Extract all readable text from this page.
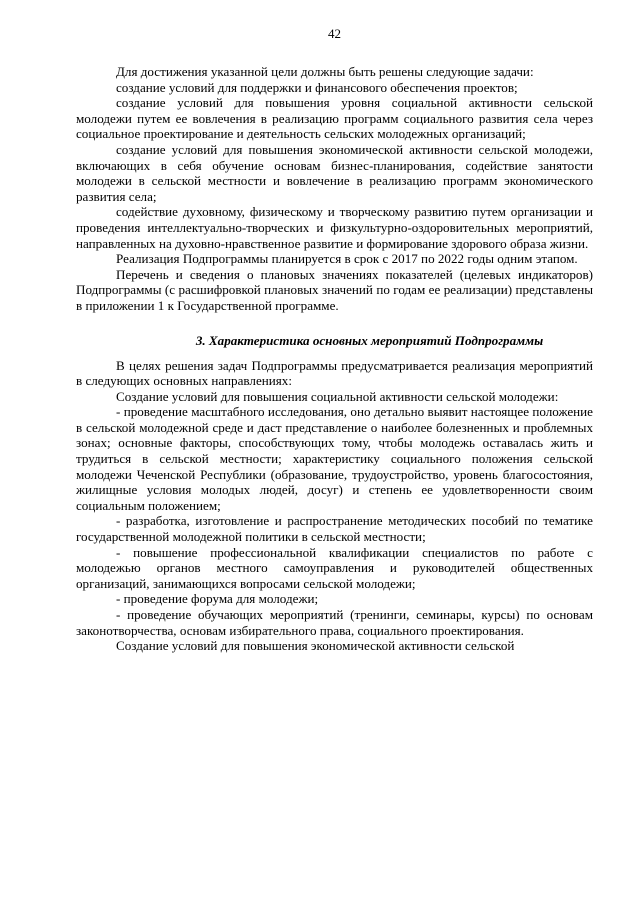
42

Для достижения указанной цели должны быть решены следующие задачи:

создание условий для поддержки и финансового обеспечения проектов;

создание условий для повышения уровня социальной активности сельской молодежи путем ее вовлечения в реализацию программ социального развития села через социальное проектирование и деятельность сельских молодежных организаций;

создание условий для повышения экономической активности сельской молодежи, включающих в себя обучение основам бизнес-планирования, содействие занятости молодежи в сельской местности и вовлечение в реализацию программ экономического развития села;

содействие духовному, физическому и творческому развитию путем организации и проведения интеллектуально-творческих и физкультурно-оздоровительных мероприятий, направленных на духовно-нравственное развитие и формирование здорового образа жизни.

Реализация Подпрограммы планируется в срок с 2017 по 2022 годы одним этапом.

Перечень и сведения о плановых значениях показателей (целевых индикаторов) Подпрограммы (с расшифровкой плановых значений по годам ее реализации) представлены в приложении 1 к Государственной программе.

3. Характеристика основных мероприятий Подпрограммы

В целях решения задач Подпрограммы предусматривается реализация мероприятий в следующих основных направлениях:

Создание условий для повышения социальной активности сельской молодежи:

- проведение масштабного исследования, оно детально выявит настоящее положение в сельской молодежной среде и даст представление о наиболее болезненных и проблемных зонах; основные факторы, способствующих тому, чтобы молодежь оставалась жить и трудиться в сельской местности; характеристику социального положения сельской молодежи Чеченской Республики (образование, трудоустройство, уровень благосостояния, жилищные условия молодых людей, досуг) и степень ее удовлетворенности своим социальным положением;

- разработка, изготовление и распространение методических пособий по тематике государственной молодежной политики в сельской местности;

- повышение профессиональной квалификации специалистов по работе с молодежью органов местного самоуправления и руководителей общественных организаций, занимающихся вопросами сельской молодежи;

- проведение форума для молодежи;

- проведение обучающих мероприятий (тренинги, семинары, курсы) по основам законотворчества, основам избирательного права, социального проектирования.

Создание условий для повышения экономической активности сельской
